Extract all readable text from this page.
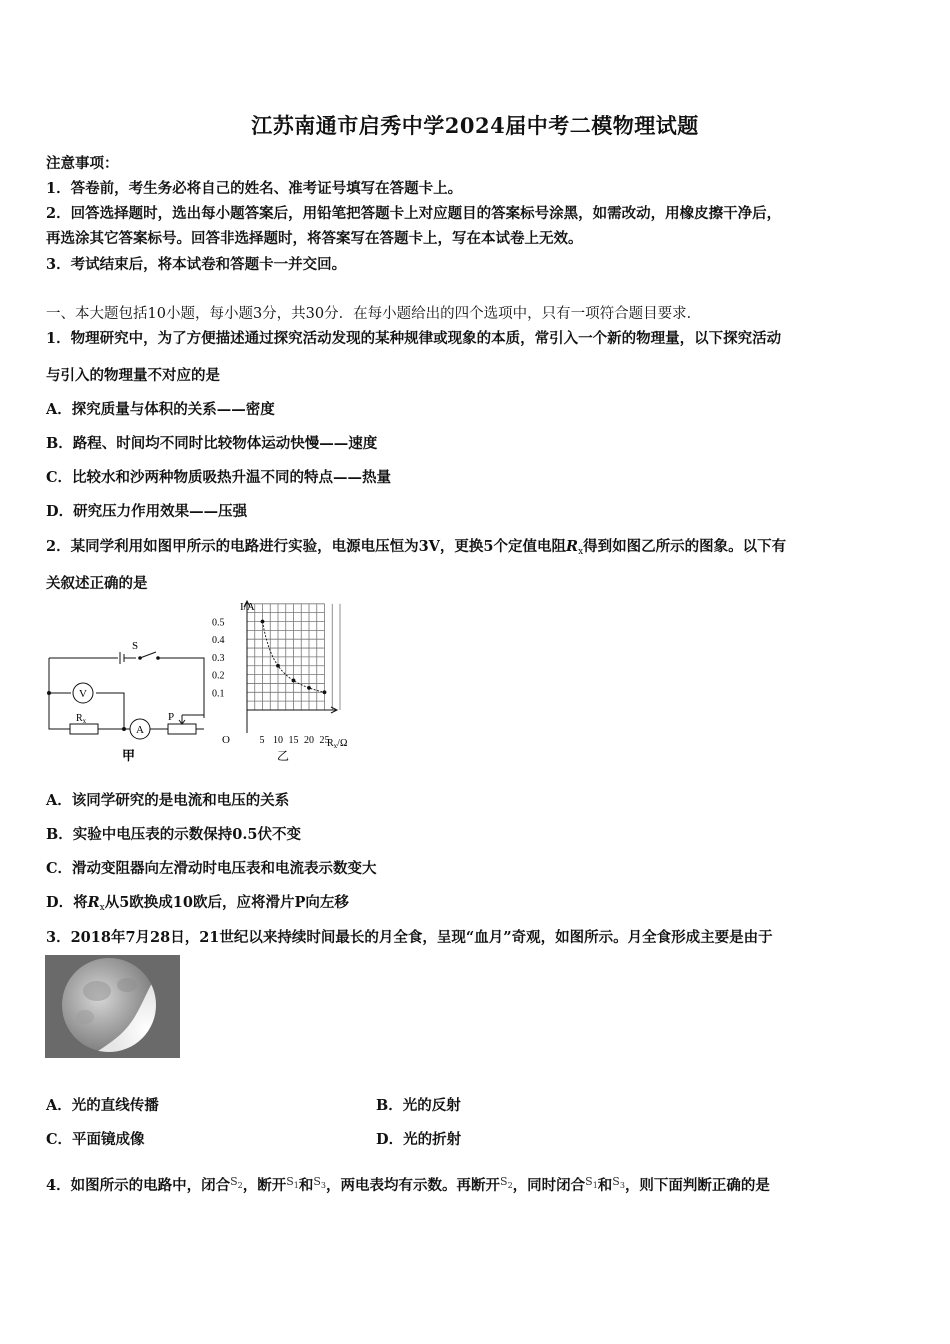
江苏南通市启秀中学2024届中考二模物理试题
注意事项：
1．答卷前，考生务必将自己的姓名、准考证号填写在答题卡上。
2．回答选择题时，选出每小题答案后，用铅笔把答题卡上对应题目的答案标号涂黑，如需改动，用橡皮擦干净后，
再选涂其它答案标号。回答非选择题时，将答案写在答题卡上，写在本试卷上无效。
3．考试结束后，将本试卷和答题卡一并交回。
一、本大题包括10小题，每小题3分，共30分．在每小题给出的四个选项中，只有一项符合题目要求．
1．物理研究中，为了方便描述通过探究活动发现的某种规律或现象的本质，常引入一个新的物理量，以下探究活动
与引入的物理量不对应的是
A．探究质量与体积的关系——密度
B．路程、时间均不同时比较物体运动快慢——速度
C．比较水和沙两种物质吸热升温不同的特点——热量
D．研究压力作用效果——压强
2．某同学利用如图甲所示的电路进行实验，电源电压恒为3V，更换5个定值电阻$R_x$得到如图乙所示的图象。以下有
关叙述正确的是
S
V
A
$R_x$	P
甲
0.5
0.4
0.3
0.2
0.1
5 10 15 20 25
I/A
O	$R_x/\Omega$
乙
A．该同学研究的是电流和电压的关系
B．实验中电压表的示数保持0.5伏不变
C．滑动变阻器向左滑动时电压表和电流表示数变大
D．将$R_x$从5欧换成10欧后，应将滑片P向左移
3．2018年7月28日，21世纪以来持续时间最长的月全食，呈现“血月”奇观，如图所示。月全食形成主要是由于
A．光的直线传播	B．光的反射
C．平面镜成像	D．光的折射
4．如图所示的电路中，闭合$^{S_2}$，断开$^{S_1}$和$^{S_3}$，两电表均有示数。再断开$^{S_2}$，同时闭合$^{S_1}$和$^{S_3}$，则下面判断正确的是
